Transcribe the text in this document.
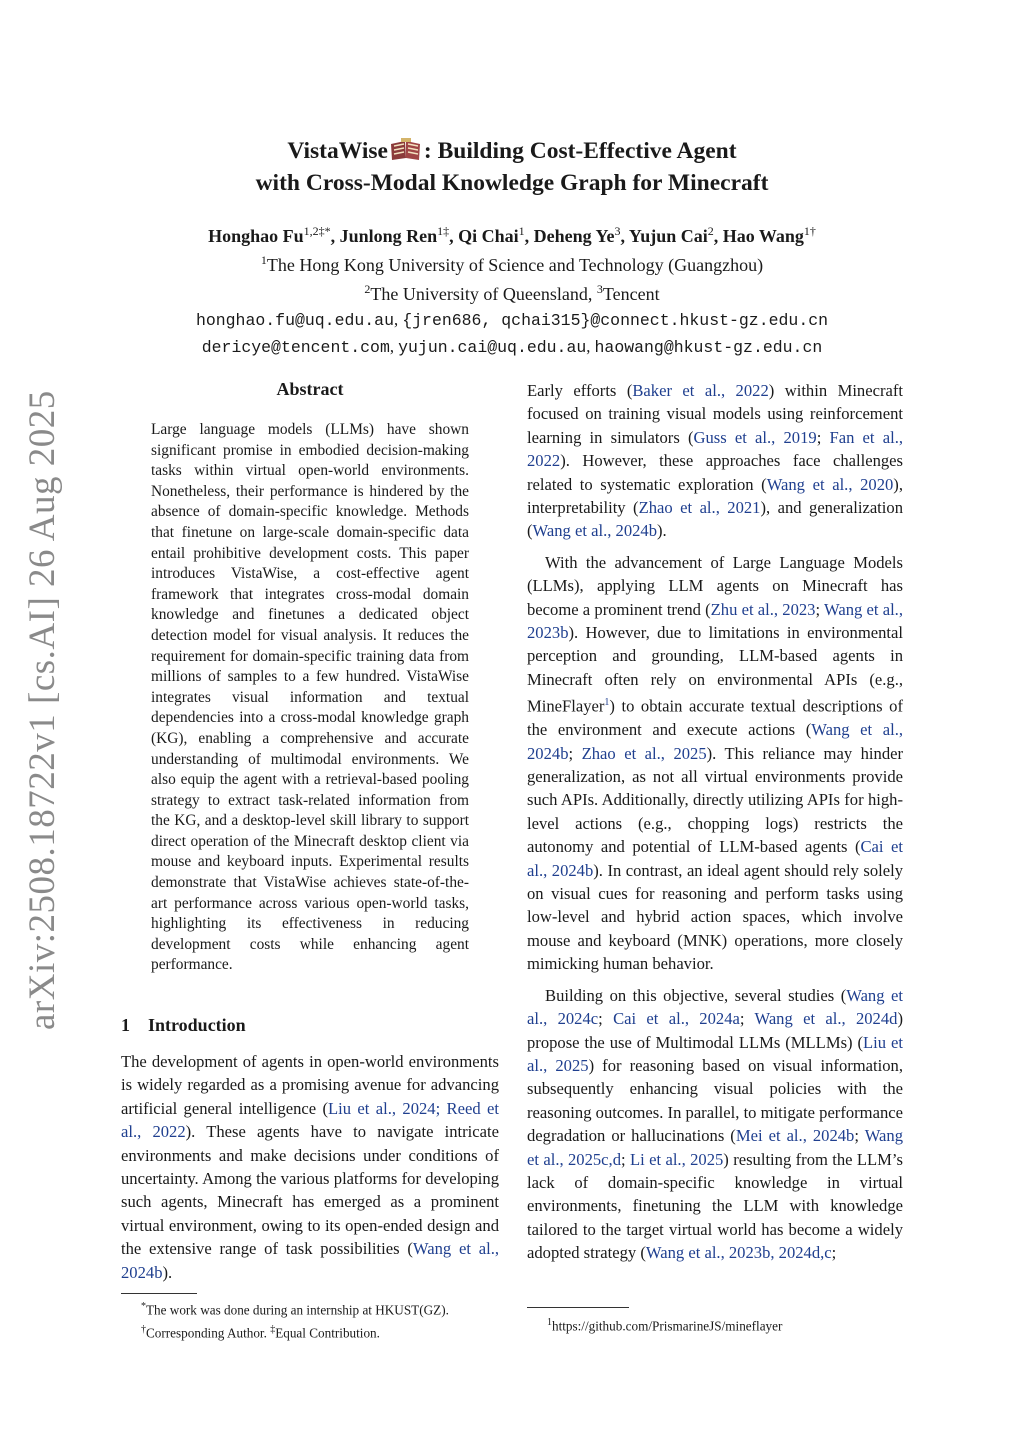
arXiv:2508.18722v1 [cs.AI] 26 Aug 2025
VistaWise : Building Cost-Effective Agent
with Cross-Modal Knowledge Graph for Minecraft
Honghao $Fu^{1,2\ddagger*}$, Junlong Ren$^{1\ddagger}$, Qi Chai$^1$, Deheng Ye$^3$, Yujun Cai$^2$, Hao Wang$^{1\dagger}$
$^1$The Hong Kong University of Science and Technology (Guangzhou)
$^2$The University of Queensland, $^3$Tencent
honghao.fu@uq.edu.au, {jren686, qchai315}@connect.hkust-gz.edu.cn
dericye@tencent.com, yujun.cai@uq.edu.au, haowang@hkust-gz.edu.cn
Abstract
Large language models (LLMs) have shown significant promise in embodied decision-making tasks within virtual open-world environments. Nonetheless, their performance is hindered by the absence of domain-specific knowledge. Methods that finetune on large-scale domain-specific data entail prohibitive development costs. This paper introduces VistaWise, a cost-effective agent framework that integrates cross-modal domain knowledge and finetunes a dedicated object detection model for visual analysis. It reduces the requirement for domain-specific training data from millions of samples to a few hundred. VistaWise integrates visual information and textual dependencies into a cross-modal knowledge graph (KG), enabling a comprehensive and accurate understanding of multimodal environments. We also equip the agent with a retrieval-based pooling strategy to extract task-related information from the KG, and a desktop-level skill library to support direct operation of the Minecraft desktop client via mouse and keyboard inputs. Experimental results demonstrate that VistaWise achieves state-of-the-art performance across various open-world tasks, highlighting its effectiveness in reducing development costs while enhancing agent performance.
1 Introduction

The development of agents in open-world environments is widely regarded as a promising avenue for advancing artificial general intelligence (Liu et al., 2024; Reed et al., 2022). These agents have to navigate intricate environments and make decisions under conditions of uncertainty. Among the various platforms for developing such agents, Minecraft has emerged as a prominent virtual environment, owing to its open-ended design and the extensive range of task possibilities (Wang et al., 2024b).

*The work was done during an internship at HKUST(GZ).
†Corresponding Author. ‡Equal Contribution.

Early efforts (Baker et al., 2022) within Minecraft focused on training visual models using reinforcement learning in simulators (Guss et al., 2019; Fan et al., 2022). However, these approaches face challenges related to systematic exploration (Wang et al., 2020), interpretability (Zhao et al., 2021), and generalization (Wang et al., 2024b).

With the advancement of Large Language Models (LLMs), applying LLM agents on Minecraft has become a prominent trend (Zhu et al., 2023; Wang et al., 2023b). However, due to limitations in environmental perception and grounding, LLM-based agents in Minecraft often rely on environmental APIs (e.g., MineFlayer$^1$) to obtain accurate textual descriptions of the environment and execute actions (Wang et al., 2024b; Zhao et al., 2025). This reliance may hinder generalization, as not all virtual environments provide such APIs. Additionally, directly utilizing APIs for high-level actions (e.g., chopping logs) restricts the autonomy and potential of LLM-based agents (Cai et al., 2024b). In contrast, an ideal agent should rely solely on visual cues for reasoning and perform tasks using low-level and hybrid action spaces, which involve mouse and keyboard (MNK) operations, more closely mimicking human behavior.

Building on this objective, several studies (Wang et al., 2024c; Cai et al., 2024a; Wang et al., 2024d) propose the use of Multimodal LLMs (MLLMs) (Liu et al., 2025) for reasoning based on visual information, subsequently enhancing visual policies with the reasoning outcomes. In parallel, to mitigate performance degradation or hallucinations (Mei et al., 2024b; Wang et al., 2025c,d; Li et al., 2025) resulting from the LLM’s lack of domain-specific knowledge in virtual environments, finetuning the LLM with knowledge tailored to the target virtual world has become a widely adopted strategy (Wang et al., 2023b, 2024d,c;

$^1$https://github.com/PrismarineJS/mineflayer
